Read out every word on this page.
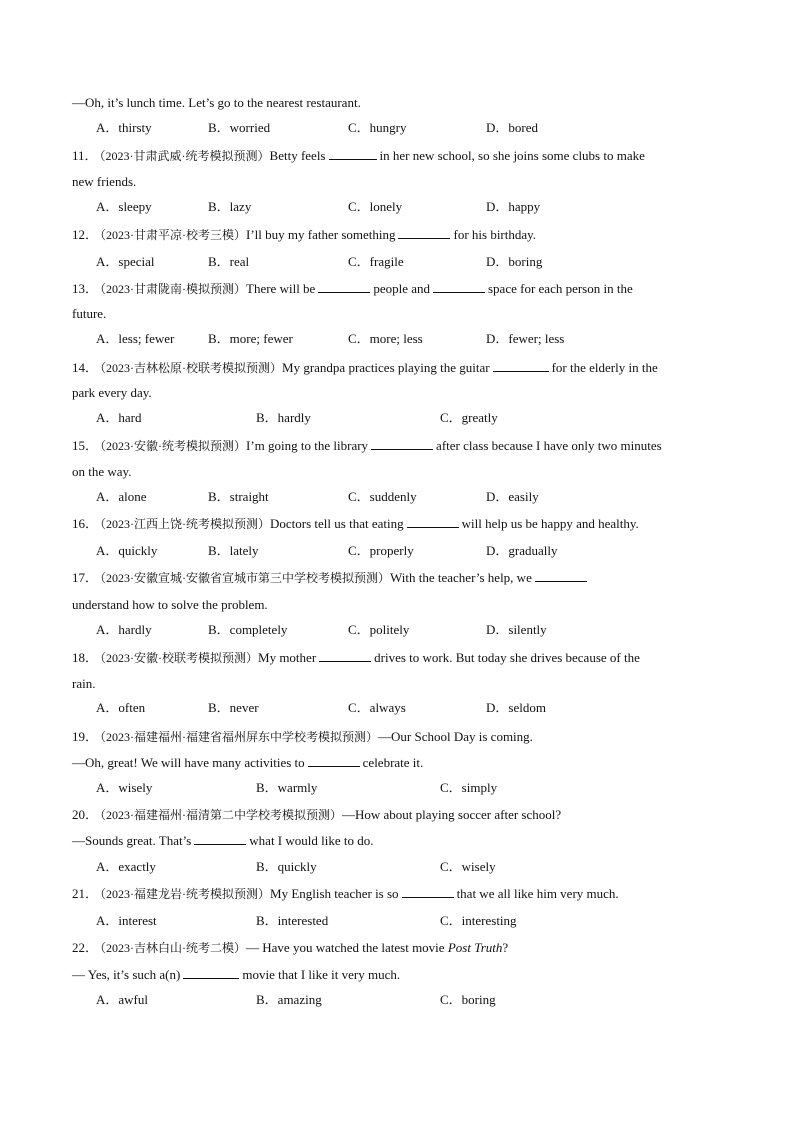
—Oh, it’s lunch time. Let’s go to the nearest restaurant.
A．thirsty	B．worried	C．hungry	D．bored
11． （2023·甘肃武威·统考模拟预测）Betty feels	in her new school, so she joins some clubs to make
new friends.
A．sleepy	B．lazy	C．lonely	D．happy
12． （2023·甘肃平凉·校考三模）I’ll buy my father something	for his birthday.
A．special	B．real	C．fragile	D．boring
13． （2023·甘肃陇南·模拟预测）There will be	people and	space for each person in the
future.
A．less; fewer	B．more; fewer	C．more; less	D．fewer; less
14． （2023·吉林松原·校联考模拟预测）My grandpa practices playing the guitar	for the elderly in the
park every day.
A．hard	B．hardly	C．greatly
15． （2023·安徽·统考模拟预测）I’m going to the library	after class because I have only two minutes
on the way.
A．alone	B．straight	C．suddenly	D．easily
16． （2023·江西上饶·统考模拟预测）Doctors tell us that eating	will help us be happy and healthy.
A．quickly	B．lately	C．properly	D．gradually
17． （2023·安徽宣城·安徽省宣城市第三中学校考模拟预测）With the teacher’s help, we
understand how to solve the problem.
A．hardly	B．completely	C．politely	D．silently
18． （2023·安徽·校联考模拟预测）My mother	drives to work. But today she drives because of the
rain.
A．often	B．never	C．always	D．seldom
19． （2023·福建福州·福建省福州屏东中学校考模拟预测）—Our School Day is coming.
—Oh, great! We will have many activities to	celebrate it.
A．wisely	B．warmly	C．simply
20． （2023·福建福州·福清第二中学校考模拟预测）—How about playing soccer after school?
—Sounds great. That’s	what I would like to do.
A．exactly	B．quickly	C．wisely
21． （2023·福建龙岩·统考模拟预测）My English teacher is so	that we all like him very much.
A．interest	B．interested	C．interesting
22． （2023·吉林白山·统考二模）— Have you watched the latest movie Post Truth?
— Yes, it’s such a(n)	movie that I like it very much.
A．awful	B．amazing	C．boring
